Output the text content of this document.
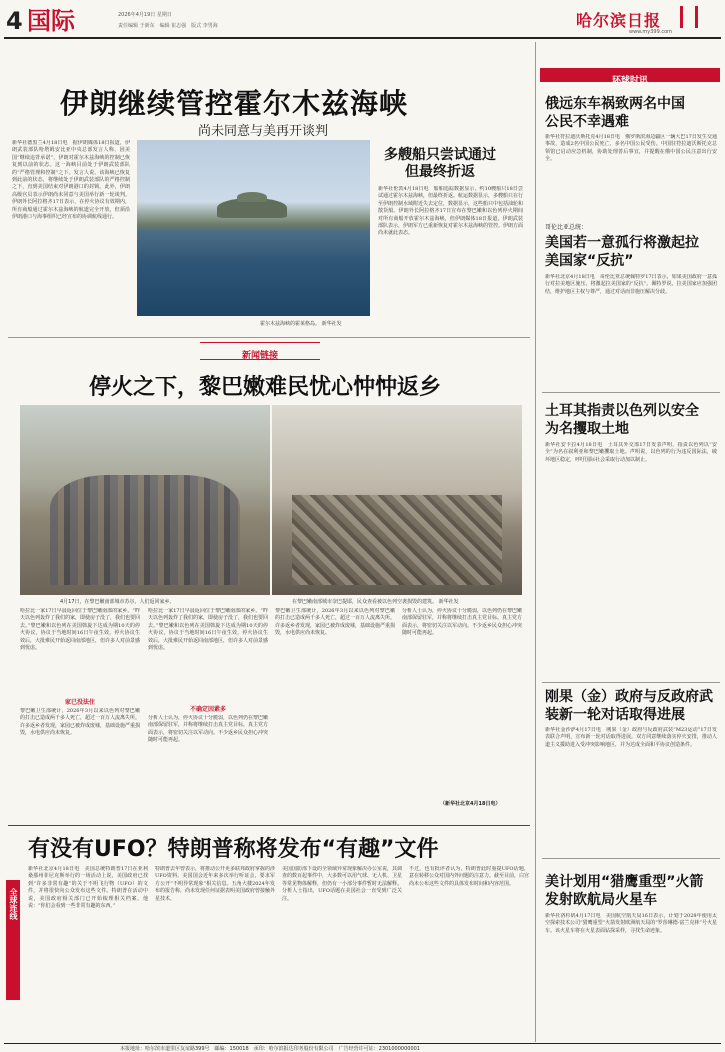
4 国际	2026年4月19日 星期日
责任编辑 于新东　编辑 崔志强　版式 李男海	哈尔滨日报
www.my399.com
伊朗继续管控霍尔木兹海峡
尚未同意与美再开谈判
新华社德黑兰4月18日电　据伊朗媒体18日报道，伊朗武装部队哈塔姆安比亚中央总部发言人称，因美国“继续违背承诺”，伊朗对霍尔木兹海峡的控制已恢复到以前的状态。这一海峡目前处于伊朗武装部队的“严格管理和控制”之下。发言人说，该海峡已恢复到此前的状态，将继续处于伊朗武装部队的严格控制之下，直到美国结束对伊朗港口的封锁。此外，伊朗高级官员表示伊朗尚未同意与美国举行新一轮谈判。伊朗外长阿拉格齐17日表示，在停火协议有效期内，所有商船通过霍尔木兹海峡的航道完全开放，但须沿伊朗港口与海事组织已经宣布的协调航线通行。
霍尔木兹海峡的霍莱格岛。 新华社发
多艘船只尝试通过但最终折返
新华社伦敦4月18日电　船舶追踪数据显示，约10艘船只18日尝试通过霍尔木兹海峡，但最终折返。航运数据显示，多艘船只在行至伊朗控制水域附近失去定位，数据显示，这些船只中包括油轮和散货船。伊朗外长阿拉格齐17日宣布在黎巴嫩和以色列停火期间对所有商船开放霍尔木兹海峡，但伊朗媒体18日报道，伊朗武装部队表示，伊朗军方已重新恢复对霍尔木兹海峡的管控。伊朗方面尚未就此表态。
新闻链接
停火之下，黎巴嫩难民忧心忡忡返乡
4月17日，在黎巴嫩南部城市苏尔，人们返回家乡。	在黎巴嫩南部城市奈巴提耶，民众查看被以色列空袭损毁的建筑。 新华社发
哈拉比一家17日早晨返回位于黎巴嫩南部的家乡。“昨天以色列轰炸了我们的家，即使房子没了，我们也要回去。”黎巴嫩和以色列在美国斡旋下达成为期10天的停火协议，协议于当地时间16日午夜生效。停火协议生效后，大批难民开始返回南部地区，但许多人对前景感到忧虑。
家已没法住
黎巴嫩卫生部统计，2026年3月以来以色列对黎巴嫩的打击已造成两千多人死亡，超过一百万人流离失所。许多返乡者发现，家园已被炸成废墟，基础设施严重损毁，水电供应尚未恢复。
哈拉比一家17日早晨返回位于黎巴嫩南部的家乡。“昨天以色列轰炸了我们的家，即使房子没了，我们也要回去。”黎巴嫩和以色列在美国斡旋下达成为期10天的停火协议，协议于当地时间16日午夜生效。停火协议生效后，大批难民开始返回南部地区，但许多人对前景感到忧虑。
不确定因素多
分析人士认为，停火协议十分脆弱，以色列仍在黎巴嫩南部保留驻军，并称将继续打击真主党目标。真主党方面表示，将密切关注以军动向。不少返乡民众担心冲突随时可能再起。
黎巴嫩卫生部统计，2026年3月以来以色列对黎巴嫩的打击已造成两千多人死亡，超过一百万人流离失所。许多返乡者发现，家园已被炸成废墟，基础设施严重损毁，水电供应尚未恢复。
分析人士认为，停火协议十分脆弱，以色列仍在黎巴嫩南部保留驻军，并称将继续打击真主党目标。真主党方面表示，将密切关注以军动向。不少返乡民众担心冲突随时可能再起。
（新华社北京4月18日电）
全球连线
有没有UFO？特朗普称将发布“有趣”文件
新华社北京4月18日电　美国总统特朗普17日在亚利桑那州菲尼克斯举行的一场活动上说，美国政府已找到“许多非常有趣”的关于不明飞行物（UFO）的文件，并将很快向公众发布这些文件。特朗普在活动中说，美国政府相关部门已开始梳理相关档案。他说：“你们会看到一些非常有趣的东西。”
特朗普去年曾表示，将推动公开更多联邦政府掌握的涉UFO资料。美国国会近年来多次举行听证会，要求军方公开“不明异常现象”相关信息。五角大楼2024年发布的报告称，尚未发现任何证据表明美国政府曾接触外星技术。
美国国防部下设的全领域异常现象解决办公室说，其调查的数百起事件中，大多数可以用气球、无人机、卫星等常见物体解释，但仍有一小部分事件暂时无法解释。分析人士指出，UFO话题在美国社会一直受到广泛关注。
不过，也有批评者认为，特朗普此时重提UFO话题，意在转移公众对国内外问题的注意力。截至目前，白宫尚未公布这些文件的具体发布时间和内容范围。
环球时讯
俄远东车祸致两名中国公民不幸遇难
新华社符拉迪沃斯托克4月18日电　俄罗斯滨海边疆区一辆大巴17日发生交通事故，造成2名中国公民死亡，多名中国公民受伤。中国驻符拉迪沃斯托克总领馆已启动应急机制，协助处理善后事宜，并提醒在俄中国公民注意出行安全。
哥伦比亚总统：
美国若一意孤行将激起拉美国家“反抗”
新华社北京4月18日电　哥伦比亚总统佩特罗17日表示，如果美国政府一意孤行对拉美地区施压，将激起拉美国家的“反抗”。佩特罗说，拉美国家应加强团结，维护地区主权与尊严，通过对话而非施压解决分歧。
土耳其指责以色列以安全为名攫取土地
新华社安卡拉4月18日电　土耳其外交部17日发表声明，指责以色列以“安全”为名在叙利亚和黎巴嫩攫取土地。声明说，以色列的行为违反国际法，破坏地区稳定，呼吁国际社会采取行动加以制止。
刚果（金）政府与反政府武装新一轮对话取得进展
新华社金沙萨4月17日电　刚果（金）政府与反政府武装“M23运动”17日发表联合声明，宣布新一轮对话取得进展。双方同意继续落实停火安排，推动人道主义援助进入受冲突影响地区，并为达成全面和平协议创造条件。
美计划用“猎鹰重型”火箭发射欧航局火星车
新华社洛杉矶4月17日电　美国航空航天局16日表示，计划于2028年使用太空探索技术公司“猎鹰重型”火箭发射欧洲航天局的“罗莎琳德·富兰克林”号火星车。该火星车将在火星表面钻探采样，寻找生命迹象。
本报地址：哈尔滨市道里区友谊路399号　邮编：150018　承印：哈尔滨报达印务股份有限公司　广告经营许可证：2301000000001
